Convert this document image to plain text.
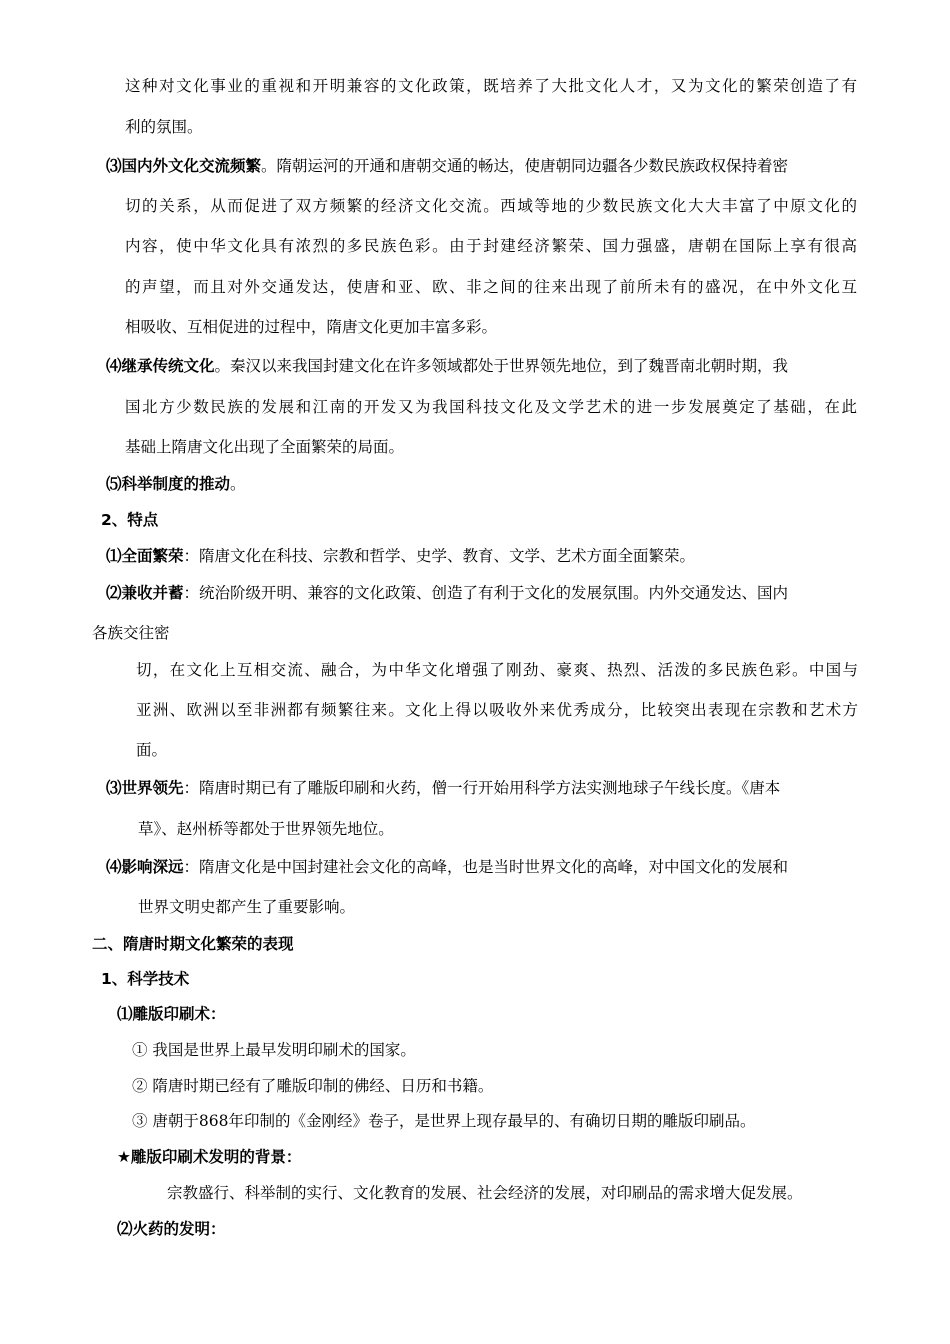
这种对文化事业的重视和开明兼容的文化政策，既培养了大批文化人才，又为文化的繁荣创造了有
利的氛围。
⑶国内外文化交流频繁。隋朝运河的开通和唐朝交通的畅达，使唐朝同边疆各少数民族政权保持着密
切的关系，从而促进了双方频繁的经济文化交流。西域等地的少数民族文化大大丰富了中原文化的
内容，使中华文化具有浓烈的多民族色彩。由于封建经济繁荣、国力强盛，唐朝在国际上享有很高
的声望，而且对外交通发达，使唐和亚、欧、非之间的往来出现了前所未有的盛况，在中外文化互
相吸收、互相促进的过程中，隋唐文化更加丰富多彩。
⑷继承传统文化。秦汉以来我国封建文化在许多领域都处于世界领先地位，到了魏晋南北朝时期，我
国北方少数民族的发展和江南的开发又为我国科技文化及文学艺术的进一步发展奠定了基础，在此
基础上隋唐文化出现了全面繁荣的局面。
⑸科举制度的推动。
2、特点
⑴全面繁荣：隋唐文化在科技、宗教和哲学、史学、教育、文学、艺术方面全面繁荣。
⑵兼收并蓄：统治阶级开明、兼容的文化政策、创造了有利于文化的发展氛围。内外交通发达、国内
各族交往密
切，在文化上互相交流、融合，为中华文化增强了刚劲、豪爽、热烈、活泼的多民族色彩。中国与
亚洲、欧洲以至非洲都有频繁往来。文化上得以吸收外来优秀成分，比较突出表现在宗教和艺术方
面。
⑶世界领先：隋唐时期已有了雕版印刷和火药，僧一行开始用科学方法实测地球子午线长度。《唐本
草》、赵州桥等都处于世界领先地位。
⑷影响深远：隋唐文化是中国封建社会文化的高峰，也是当时世界文化的高峰，对中国文化的发展和
世界文明史都产生了重要影响。
二、隋唐时期文化繁荣的表现
1、科学技术
⑴雕版印刷术：
① 我国是世界上最早发明印刷术的国家。
② 隋唐时期已经有了雕版印制的佛经、日历和书籍。
③ 唐朝于868年印制的《金刚经》卷子，是世界上现存最早的、有确切日期的雕版印刷品。
★雕版印刷术发明的背景：
宗教盛行、科举制的实行、文化教育的发展、社会经济的发展，对印刷品的需求增大促发展。
⑵火药的发明：
